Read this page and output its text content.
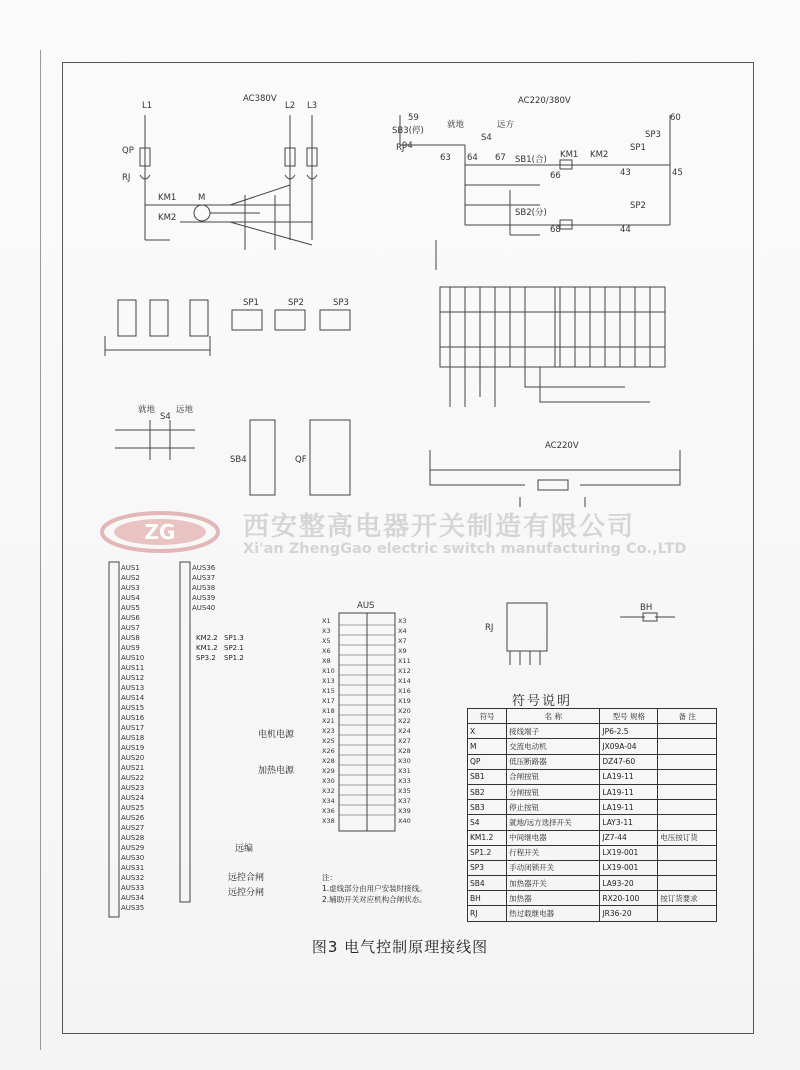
AC380V	AC220/380V
L1	L2 L3
QP
RJ
KM1
KM2
M
SB3(停)
就地	远方
S4
SB1(合)
SB2(分)
KM1 KM2
SP1
SP2
SP3
RJ
59	60
94
63 64 67
66
68
43
44
45
SP1	SP2	SP3
SB4	QF
RJ
BH
就地
S4
远地
AC220V
AUS
AUS1
AUS2
AUS3
AUS4
AUS5
AUS6
AUS7
AUS8
AUS9
AUS10
AUS11
AUS12
AUS13
AUS14
AUS15
AUS16
AUS17
AUS18
AUS19
AUS20
AUS21
AUS22
AUS23
AUS24
AUS25
AUS26
AUS27
AUS28
AUS29
AUS30
AUS31
AUS32
AUS33
AUS34
AUS35
AUS36
AUS37
AUS38
AUS39
AUS40
X1
X3
X5
X6
X8
X10
X13
X15
X17
X18
X21
X23
X25
X26
X28
X29
X30
X32
X34
X36
X38
X3
X4
X7
X9
X11
X12
X14
X16
X19
X20
X22
X24
X27
X28
X30
X31
X33
X35
X37
X39
X40
ZG	西安整高电器开关制造有限公司
Xi'an ZhengGao electric switch manufacturing Co.,LTD
电机电源
加热电源
远编
远控合闸
远控分闸
KM2.2
KM1.2
SP3.2
SP1.3
SP2.1
SP1.2
注：
1.虚线部分由用户安装时接线。
2.辅助开关对应机构合闸状态。
符号说明
符号	名 称	型号 规格	备 注
X	接线端子	JP6-2.5	
M	交流电动机	JX09A-04	
QP	低压断路器	DZ47-60	
SB1	合闸按钮	LA19-11	
SB2	分闸按钮	LA19-11	
SB3	停止按钮	LA19-11	
S4	就地/远方选择开关	LAY3-11	
KM1.2	中间继电器	JZ7-44	电压按订货
SP1.2	行程开关	LX19-001	
SP3	手动闭锁开关	LX19-001	
SB4	加热器开关	LA93-20	
BH	加热器	RX20-100	按订货要求
RJ	热过载继电器	JR36-20	
图3 电气控制原理接线图
